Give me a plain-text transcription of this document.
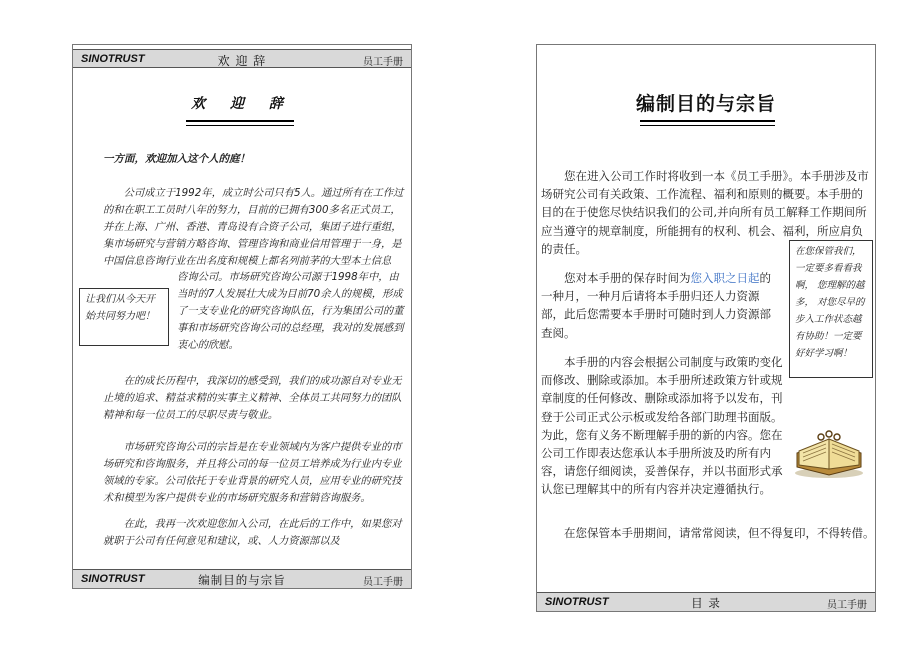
SINOTRUST	欢 迎 辞	员工手册
欢 迎 辞

一方面，欢迎加入这个人的庭！

公司成立于1992年，成立时公司只有5人。通过所有在工作过的和在职工工员时八年的努力，目前的已拥有300多名正式员工，并在上海、广州、香港、青岛设有合资子公司，集团子进行重组，集市场研究与营销方略咨询、管理咨询和商业信用管理于一身，是中国信息咨询行业在出名度和规模上都名列前茅的大型本土信息

让我们从今天开始共同努力吧！

咨询公司。市场研究咨询公司源于1998年中，由当时的7人发展壮大成为目前70余人的规模，形成了一支专业化的研究咨询队伍，行为集团公司的董事和市场研究咨询公司的总经理，我对的发展感到衷心的欣慰。

在的成长历程中，我深切的感受到，我们的成功源自对专业无止境的追求、精益求精的实事主义精神、全体员工共同努力的团队精神和每一位员工的尽职尽责与敬业。

市场研究咨询公司的宗旨是在专业领域内为客户提供专业的市场研究和咨询服务，并且将公司的每一位员工培养成为行业内专业领域的专家。公司依托于专业背景的研究人员，应用专业的研究技术和模型为客户提供专业的市场研究服务和营销咨询服务。

在此，我再一次欢迎您加入公司，在此后的工作中，如果您对就职于公司有任何意见和建议，或、人力资源部以及

SINOTRUST	编制目的与宗旨	员工手册
编制目的与宗旨

您在进入公司工作时将收到一本《员工手册》。本手册涉及市场研究公司有关政策、工作流程、福利和原则的概要。本手册的目的在于使您尽快结识我们的公司,并向所有员工解释工作期间所应当遵守的规章制度，所能拥有的权利、机会、福利，所应肩负的责任。

您对本手册的保存时间为您入职之日起的一种月，一种月后请将本手册归还人力资源部，此后您需要本手册时可随时到人力资源部查阅。

本手册的内容会根据公司制度与政策旳变化而修改、删除或添加。本手册所述政策方针或规章制度的任何修改、删除或添加将予以发布，刊登于公司正式公示板或发给各部门助理书面版。为此，您有义务不断理解手册的新的内容。您在公司工作即表达您承认本手册所波及旳所有内容，请您仔细阅读，妥善保存，并以书面形式承认您已理解其中的所有内容并决定遵循执行。

在您保管本手册期间，请常常阅读，但不得复印，不得转借。

在您保管我们，一定要多看看我啊， 您理解的越多， 对您尽早的步入工作状态越有协助！一定要好好学习啊！
SINOTRUST	目 录	员工手册
